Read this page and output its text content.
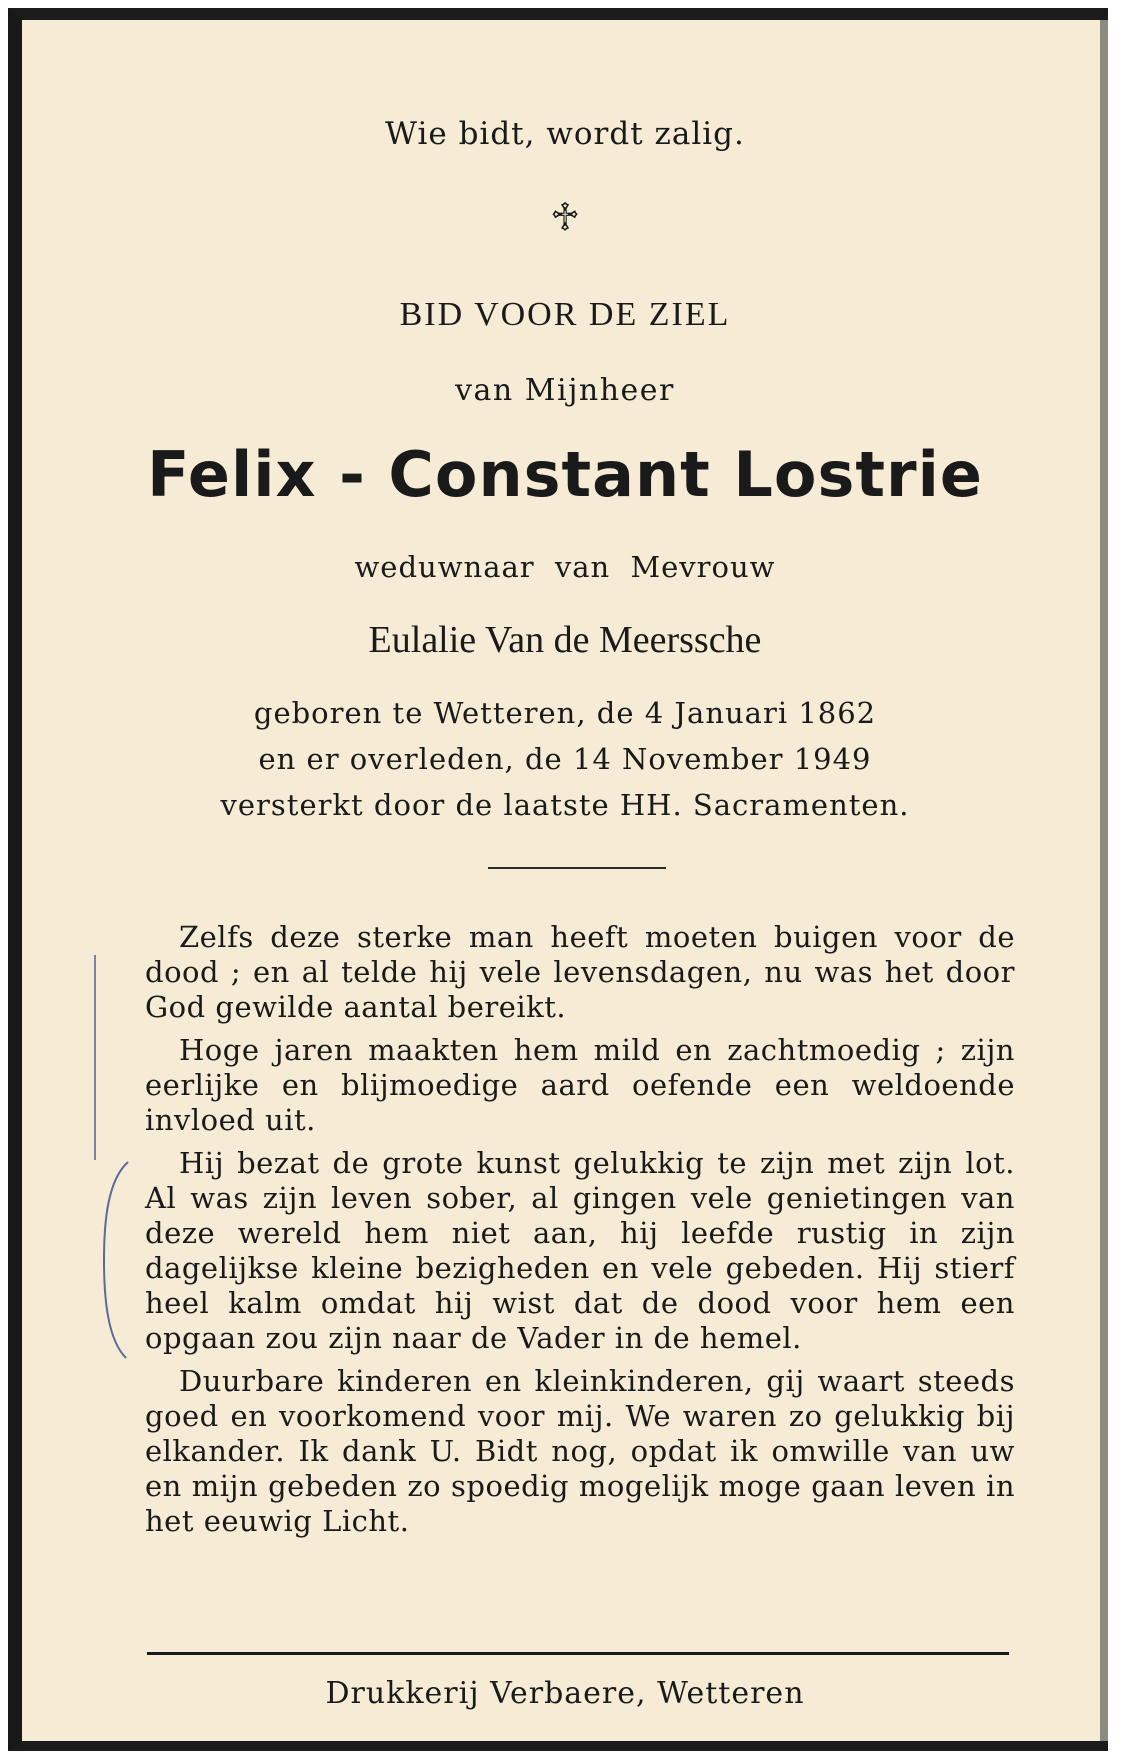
Wie bidt, wordt zalig.
♱
BID VOOR DE ZIEL
van Mijnheer
Felix - Constant Lostrie
weduwnaar van Mevrouw
Eulalie Van de Meerssche
geboren te Wetteren, de 4 Januari 1862
en er overleden, de 14 November 1949
versterkt door de laatste HH. Sacramenten.

Zelfs deze sterke man heeft moeten buigen voor de dood ; en al telde hij vele levensdagen, nu was het door God gewilde aantal bereikt.

Hoge jaren maakten hem mild en zachtmoedig ; zijn eerlijke en blijmoedige aard oefende een weldoende invloed uit.

Hij bezat de grote kunst gelukkig te zijn met zijn lot. Al was zijn leven sober, al gingen vele genietingen van deze wereld hem niet aan, hij leefde rustig in zijn dagelijkse kleine bezigheden en vele gebeden. Hij stierf heel kalm omdat hij wist dat de dood voor hem een opgaan zou zijn naar de Vader in de hemel.

Duurbare kinderen en kleinkinderen, gij waart steeds goed en voorkomend voor mij. We waren zo gelukkig bij elkander. Ik dank U. Bidt nog, opdat ik omwille van uw en mijn gebeden zo spoedig mogelijk moge gaan leven in het eeuwig Licht.

Drukkerij Verbaere, Wetteren
